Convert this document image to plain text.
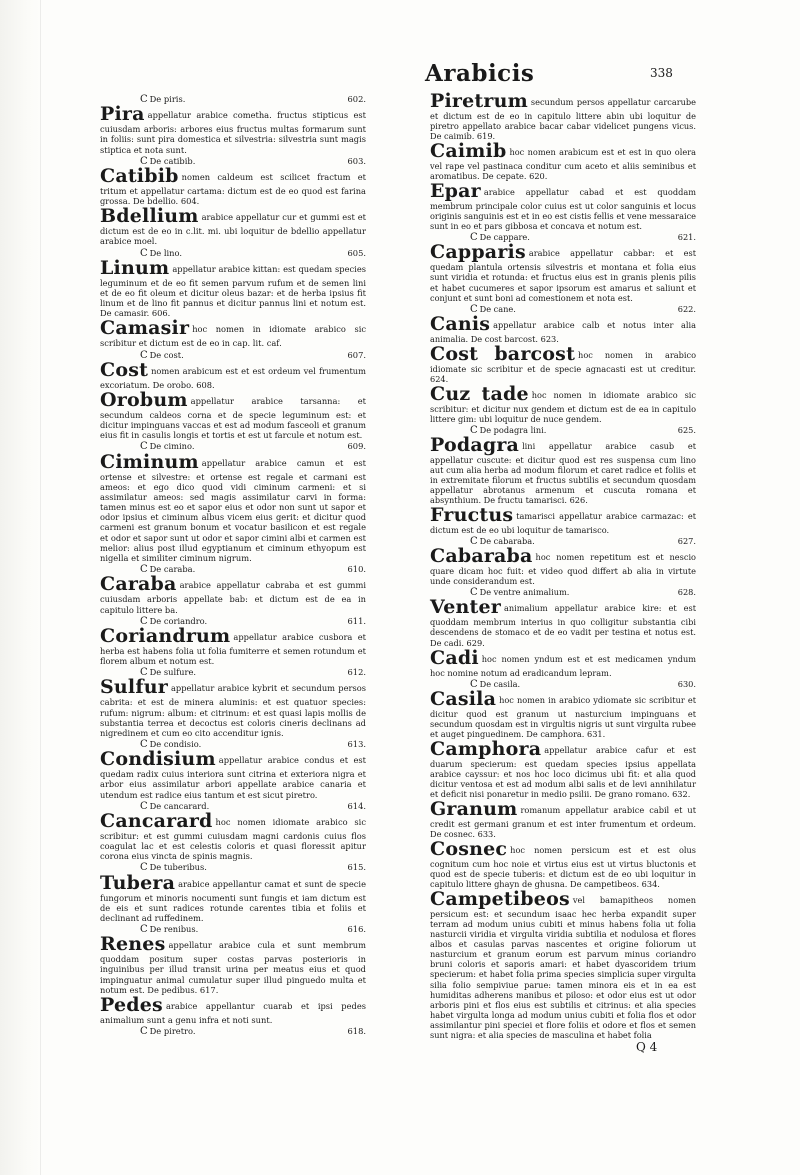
Arabicis	338

C De piris.	602.

Pira appellatur arabice cometha. fructus stipticus est cuiusdam arboris: arbores eius fructus multas formarum sunt in foliis: sunt pira domestica et silvestria: silvestria sunt magis stiptica et nota sunt.

C De catibib.	603.

Catibib nomen caldeum est scilicet fractum et tritum et appellatur cartama: dictum est de eo quod est farina grossa. De bdellio. 604.

Bdellium arabice appellatur cur et gummi est et dictum est de eo in c.lit. mi. ubi loquitur de bdellio appellatur arabice moel.

C De lino.	605.

Linum appellatur arabice kittan: est quedam species leguminum et de eo fit semen parvum rufum et de semen lini et de eo fit oleum et dicitur oleus bazar: et de herba ipsius fit linum et de lino fit pannus et dicitur pannus lini et notum est. De camasir. 606.

Camasir hoc nomen in idiomate arabico sic scribitur et dictum est de eo in cap. lit. caf.

C De cost.	607.

Cost nomen arabicum est et est ordeum vel frumentum excoriatum. De orobo. 608.

Orobum appellatur arabice tarsanna: et secundum caldeos corna et de specie leguminum est: et dicitur impinguans vaccas et est ad modum fasceoli et granum eius fit in casulis longis et tortis et est ut farcule et notum est.

C De cimino.	609.

Ciminum appellatur arabice camun et est ortense et silvestre: et ortense est regale et carmani est ameos: et ego dico quod vidi ciminum carmeni: et si assimilatur ameos: sed magis assimilatur carvi in forma: tamen minus est eo et sapor eius et odor non sunt ut sapor et odor ipsius et ciminum albus vicem eius gerit: et dicitur quod carmeni est granum bonum et vocatur basilicon et est regale et odor et sapor sunt ut odor et sapor cimini albi et carmen est melior: alius post illud egyptianum et ciminum ethyopum est nigella et similiter ciminum nigrum.

C De caraba.	610.

Caraba arabice appellatur cabraba et est gummi cuiusdam arboris appellate bab: et dictum est de ea in capitulo littere ba.

C De coriandro.	611.

Coriandrum appellatur arabice cusbora et herba est habens folia ut folia fumiterre et semen rotundum et florem album et notum est.

C De sulfure.	612.

Sulfur appellatur arabice kybrit et secundum persos cabrita: et est de minera aluminis: et est quatuor species: rufum: nigrum: album: et citrinum: et est quasi lapis mollis de substantia terrea et decoctus est coloris cineris declinans ad nigredinem et cum eo cito accenditur ignis.

C De condisio.	613.

Condisium appellatur arabice condus et est quedam radix cuius interiora sunt citrina et exteriora nigra et arbor eius assimilatur arbori appellate arabice canaria et utendum est radice eius tantum et est sicut piretro.

C De cancarard.	614.

Cancarard hoc nomen idiomate arabico sic scribitur: et est gummi cuiusdam magni cardonis cuius flos coagulat lac et est celestis coloris et quasi floressit apitur corona eius vincta de spinis magnis.

C De tuberibus.	615.

Tubera arabice appellantur camat et sunt de specie fungorum et minoris nocumenti sunt fungis et iam dictum est de eis et sunt radices rotunde carentes tibia et foliis et declinant ad ruffedinem.

C De renibus.	616.

Renes appellatur arabice cula et sunt membrum quoddam positum super costas parvas posterioris in inguinibus per illud transit urina per meatus eius et quod impinguatur animal cumulatur super illud pinguedo multa et notum est. De pedibus. 617.

Pedes arabice appellantur cuarab et ipsi pedes animalium sunt a genu infra et noti sunt.

C De piretro.	618.

Piretrum secundum persos appellatur carcarube et dictum est de eo in capitulo littere abin ubi loquitur de piretro appellato arabice bacar cabar videlicet pungens vicus. De caimib. 619.

Caimib hoc nomen arabicum est et est in quo olera vel rape vel pastinaca conditur cum aceto et aliis seminibus et aromatibus. De cepate. 620.

Epar arabice appellatur cabad et est quoddam membrum principale color cuius est ut color sanguinis et locus originis sanguinis est et in eo est cistis fellis et vene messaraice sunt in eo et pars gibbosa et concava et notum est.

C De cappare.	621.

Capparis arabice appellatur cabbar: et est quedam plantula ortensis silvestris et montana et folia eius sunt viridia et rotunda: et fructus eius est in granis plenis pilis et habet cucumeres et sapor ipsorum est amarus et saliunt et conjunt et sunt boni ad comestionem et nota est.

C De cane.	622.

Canis appellatur arabice calb et notus inter alia animalia. De cost barcost. 623.

Cost barcost hoc nomen in arabico idiomate sic scribitur et de specie agnacasti est ut creditur. 624.

Cuz tade hoc nomen in idiomate arabico sic scribitur: et dicitur nux gendem et dictum est de ea in capitulo littere gim: ubi loquitur de nuce gendem.

C De podagra lini.	625.

Podagra lini appellatur arabice casub et appellatur cuscute: et dicitur quod est res suspensa cum lino aut cum alia herba ad modum filorum et caret radice et foliis et in extremitate filorum et fructus subtilis et secundum quosdam appellatur abrotanus armenum et cuscuta romana et absynthium. De fructu tamarisci. 626.

Fructus tamarisci appellatur arabice carmazac: et dictum est de eo ubi loquitur de tamarisco.

C De cabaraba.	627.

Cabaraba hoc nomen repetitum est et nescio quare dicam hoc fuit: et video quod differt ab alia in virtute unde considerandum est.

C De ventre animalium.	628.

Venter animalium appellatur arabice kire: et est quoddam membrum interius in quo colligitur substantia cibi descendens de stomaco et de eo vadit per testina et notus est. De cadi. 629.

Cadi hoc nomen yndum est et est medicamen yndum hoc nomine notum ad eradicandum lepram.

C De casila.	630.

Casila hoc nomen in arabico ydiomate sic scribitur et dicitur quod est granum ut nasturcium impinguans et secundum quosdam est in virgultis nigris ut sunt virgulta rubee et auget pinguedinem. De camphora. 631.

Camphora appellatur arabice cafur et est duarum specierum: est quedam species ipsius appellata arabice cayssur: et nos hoc loco dicimus ubi fit: et alia quod dicitur ventosa et est ad modum albi salis et de levi annihilatur et deficit nisi ponaretur in medio psilii. De grano romano. 632.

Granum romanum appellatur arabice cabil et ut credit est germani granum et est inter frumentum et ordeum. De cosnec. 633.

Cosnec hoc nomen persicum est et est olus cognitum cum hoc noie et virtus eius est ut virtus bluctonis et quod est de specie tuberis: et dictum est de eo ubi loquitur in capitulo littere ghayn de ghusna. De campetibeos. 634.

Campetibeos vel bamapitheos nomen persicum est: et secundum isaac hec herba expandit super terram ad modum unius cubiti et minus habens folia ut folia nasturcii viridia et virgulta viridia subtilia et nodulosa et flores albos et casulas parvas nascentes et origine foliorum ut nasturcium et granum eorum est parvum minus coriandro bruni coloris et saporis amari: et habet dyascoridem trium specierum: et habet folia prima species simplicia super virgulta silia folio sempiviue parue: tamen minora eis et in ea est humiditas adherens manibus et piloso: et odor eius est ut odor arboris pini et flos eius est subtilis et citrinus: et alia species habet virgulta longa ad modum unius cubiti et folia flos et odor assimilantur pini speciei et flore foliis et odore et flos et semen sunt nigra: et alia species de masculina et habet folia

Q 4
